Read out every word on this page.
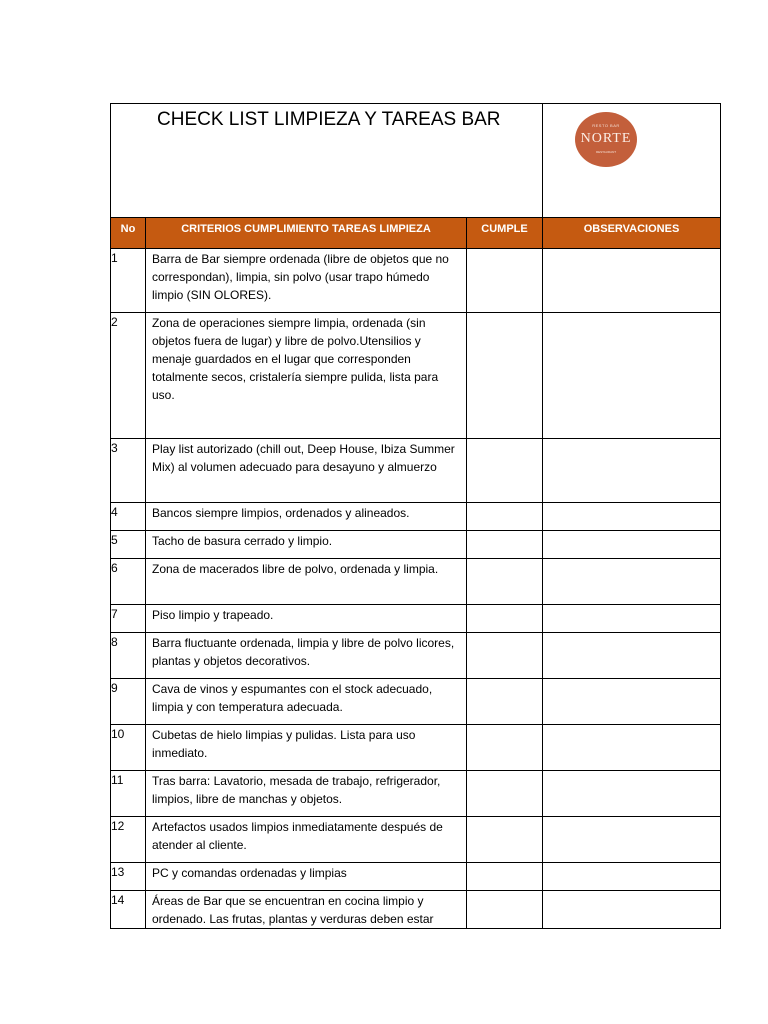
CHECK LIST LIMPIEZA Y TAREAS BAR			RESTO BAR
NORTE
RESTAURANT

No	CRITERIOS CUMPLIMIENTO TAREAS LIMPIEZA	CUMPLE	OBSERVACIONES
1	Barra de Bar siempre ordenada (libre de objetos que no correspondan), limpia, sin polvo (usar trapo húmedo limpio (SIN OLORES).		

2	Zona de operaciones siempre limpia, ordenada (sin objetos fuera de lugar) y libre de polvo.Utensilios y menaje guardados en el lugar que corresponden totalmente secos, cristalería siempre pulida, lista para uso.		

3	Play list autorizado (chill out, Deep House, Ibiza Summer Mix) al volumen adecuado para desayuno y almuerzo		

4	Bancos siempre limpios, ordenados y alineados.		

5	Tacho de basura cerrado y limpio.		

6	Zona de macerados libre de polvo, ordenada y limpia.		

7	Piso limpio y trapeado.		

8	Barra fluctuante ordenada, limpia y libre de polvo licores, plantas y objetos decorativos.		

9	Cava de vinos y espumantes con el stock adecuado, limpia y con temperatura adecuada.		

10	Cubetas de hielo limpias y pulidas. Lista para uso inmediato.		

11	Tras barra: Lavatorio, mesada de trabajo, refrigerador, limpios, libre de manchas y objetos.		

12	Artefactos usados limpios inmediatamente después de atender al cliente.		

13	PC y comandas ordenadas y limpias		

14	Áreas de Bar que se encuentran en cocina limpio y ordenado. Las frutas, plantas y verduras deben estar		
